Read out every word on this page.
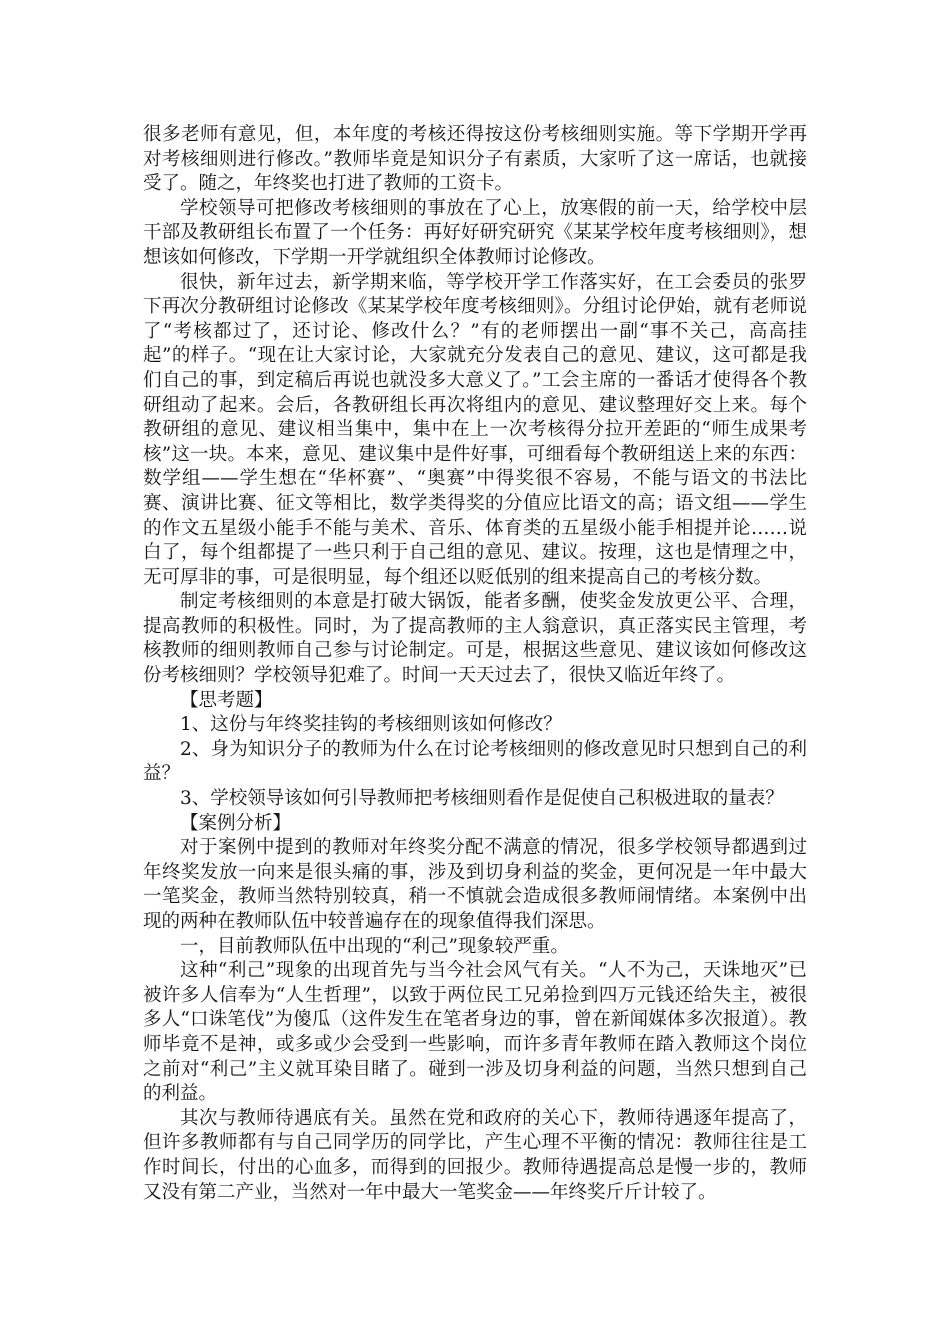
很多老师有意见，但，本年度的考核还得按这份考核细则实施。等下学期开学再对考核细则进行修改。”教师毕竟是知识分子有素质，大家听了这一席话，也就接受了。随之，年终奖也打进了教师的工资卡。

学校领导可把修改考核细则的事放在了心上，放寒假的前一天，给学校中层干部及教研组长布置了一个任务：再好好研究研究《某某学校年度考核细则》，想想该如何修改，下学期一开学就组织全体教师讨论修改。

很快，新年过去，新学期来临，等学校开学工作落实好，在工会委员的张罗下再次分教研组讨论修改《某某学校年度考核细则》。分组讨论伊始，就有老师说了“考核都过了，还讨论、修改什么？”有的老师摆出一副“事不关己，高高挂起”的样子。“现在让大家讨论，大家就充分发表自己的意见、建议，这可都是我们自己的事，到定稿后再说也就没多大意义了。”工会主席的一番话才使得各个教研组动了起来。会后，各教研组长再次将组内的意见、建议整理好交上来。每个教研组的意见、建议相当集中，集中在上一次考核得分拉开差距的“师生成果考核”这一块。本来，意见、建议集中是件好事，可细看每个教研组送上来的东西：数学组——学生想在“华杯赛”、“奥赛”中得奖很不容易，不能与语文的书法比赛、演讲比赛、征文等相比，数学类得奖的分值应比语文的高；语文组——学生的作文五星级小能手不能与美术、音乐、体育类的五星级小能手相提并论……说白了，每个组都提了一些只利于自己组的意见、建议。按理，这也是情理之中，无可厚非的事，可是很明显，每个组还以贬低别的组来提高自己的考核分数。

制定考核细则的本意是打破大锅饭，能者多酬，使奖金发放更公平、合理，提高教师的积极性。同时，为了提高教师的主人翁意识，真正落实民主管理，考核教师的细则教师自己参与讨论制定。可是，根据这些意见、建议该如何修改这份考核细则？学校领导犯难了。时间一天天过去了，很快又临近年终了。

【思考题】

1、这份与年终奖挂钩的考核细则该如何修改？

2、身为知识分子的教师为什么在讨论考核细则的修改意见时只想到自己的利益？

3、学校领导该如何引导教师把考核细则看作是促使自己积极进取的量表？

【案例分析】

对于案例中提到的教师对年终奖分配不满意的情况，很多学校领导都遇到过年终奖发放一向来是很头痛的事，涉及到切身利益的奖金，更何况是一年中最大一笔奖金，教师当然特别较真，稍一不慎就会造成很多教师闹情绪。本案例中出现的两种在教师队伍中较普遍存在的现象值得我们深思。

一，目前教师队伍中出现的“利己”现象较严重。

这种“利己”现象的出现首先与当今社会风气有关。“人不为己，天诛地灭”已被许多人信奉为“人生哲理”，以致于两位民工兄弟捡到四万元钱还给失主，被很多人“口诛笔伐”为傻瓜（这件发生在笔者身边的事，曾在新闻媒体多次报道）。教师毕竟不是神，或多或少会受到一些影响，而许多青年教师在踏入教师这个岗位之前对“利己”主义就耳染目睹了。碰到一涉及切身利益的问题，当然只想到自己的利益。

其次与教师待遇底有关。虽然在党和政府的关心下，教师待遇逐年提高了，但许多教师都有与自己同学历的同学比，产生心理不平衡的情况：教师往往是工作时间长，付出的心血多，而得到的回报少。教师待遇提高总是慢一步的，教师又没有第二产业，当然对一年中最大一笔奖金——年终奖斤斤计较了。
